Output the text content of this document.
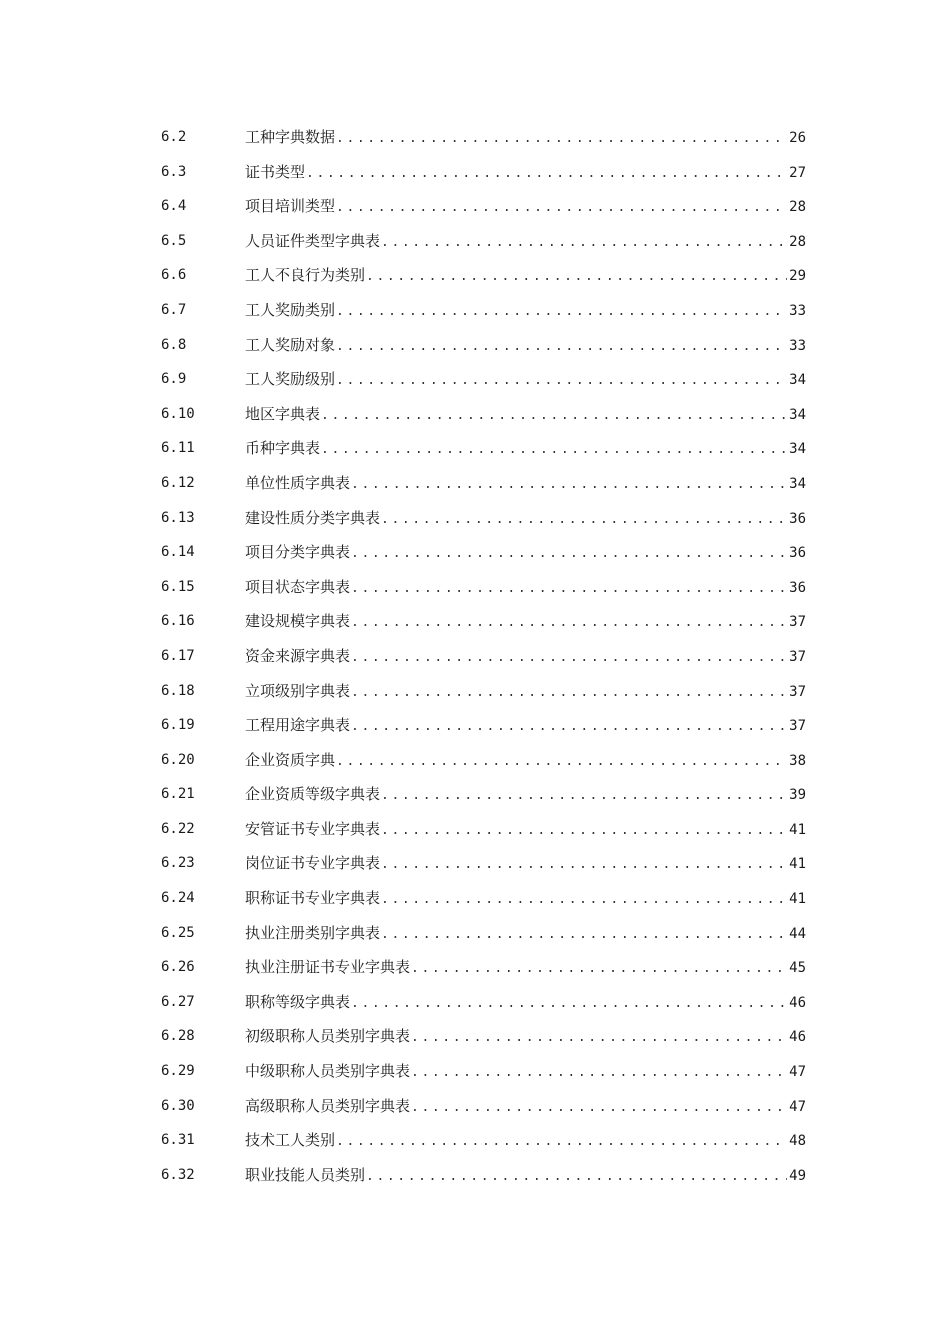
6.2	工种字典数据 .....	26
6.3	证书类型 .....	27
6.4	项目培训类型 .....	28
6.5	人员证件类型字典表 .....	28
6.6	工人不良行为类别 .....	29
6.7	工人奖励类别 .....	33
6.8	工人奖励对象 .....	33
6.9	工人奖励级别 .....	34
6.10	地区字典表 .....	34
6.11	币种字典表 .....	34
6.12	单位性质字典表 .....	34
6.13	建设性质分类字典表 .....	36
6.14	项目分类字典表 .....	36
6.15	项目状态字典表 .....	36
6.16	建设规模字典表 .....	37
6.17	资金来源字典表 .....	37
6.18	立项级别字典表 .....	37
6.19	工程用途字典表 .....	37
6.20	企业资质字典 .....	38
6.21	企业资质等级字典表 .....	39
6.22	安管证书专业字典表 .....	41
6.23	岗位证书专业字典表 .....	41
6.24	职称证书专业字典表 .....	41
6.25	执业注册类别字典表 .....	44
6.26	执业注册证书专业字典表 .....	45
6.27	职称等级字典表 .....	46
6.28	初级职称人员类别字典表 .....	46
6.29	中级职称人员类别字典表 .....	47
6.30	高级职称人员类别字典表 .....	47
6.31	技术工人类别 .....	48
6.32	职业技能人员类别 .....	49
